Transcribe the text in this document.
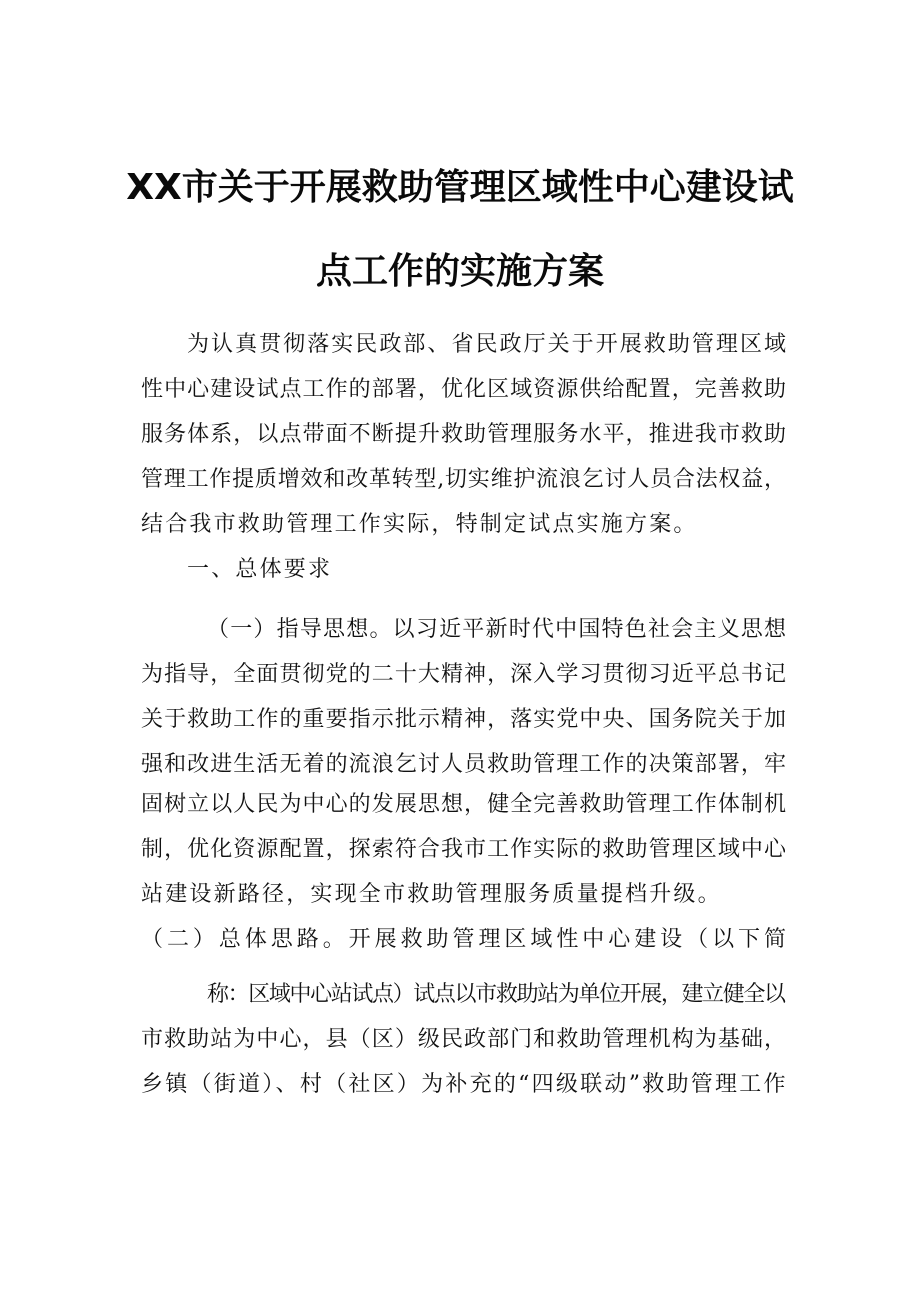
XX市关于开展救助管理区域性中心建设试
点工作的实施方案
为认真贯彻落实民政部、省民政厅关于开展救助管理区域
性中心建设试点工作的部署，优化区域资源供给配置，完善救助
服务体系，以点带面不断提升救助管理服务水平，推进我市救助
管理工作提质增效和改革转型,切实维护流浪乞讨人员合法权益，
结合我市救助管理工作实际，特制定试点实施方案。
一、总体要求
（一）指导思想。以习近平新时代中国特色社会主义思想
为指导，全面贯彻党的二十大精神，深入学习贯彻习近平总书记
关于救助工作的重要指示批示精神，落实党中央、国务院关于加
强和改进生活无着的流浪乞讨人员救助管理工作的决策部署，牢
固树立以人民为中心的发展思想，健全完善救助管理工作体制机
制，优化资源配置，探索符合我市工作实际的救助管理区域中心
站建设新路径，实现全市救助管理服务质量提档升级。
（二）总体思路。开展救助管理区域性中心建设（以下简
称：区域中心站试点）试点以市救助站为单位开展，建立健全以
市救助站为中心，县（区）级民政部门和救助管理机构为基础，
乡镇（街道）、村（社区）为补充的“四级联动”救助管理工作
